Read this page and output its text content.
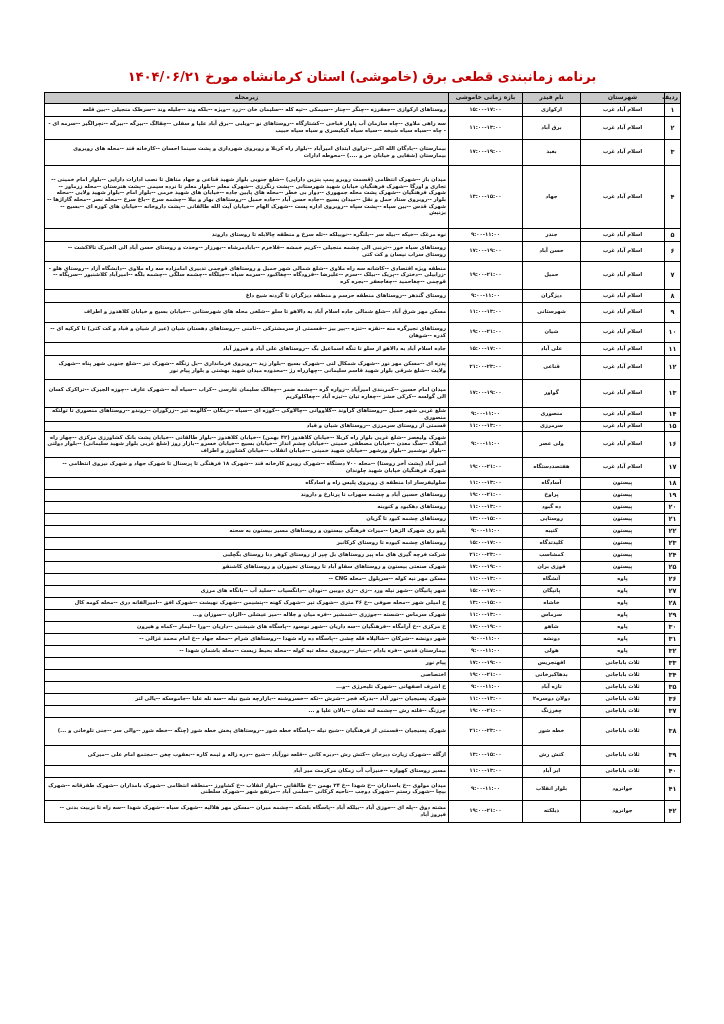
برنامه زمانبندی قطعی برق (خاموشی) استان کرمانشاه مورخ ۱۴۰۴/۰۶/۲۱
ردیف	شهرستان	نام فیدر	بازه زمانی خاموشی	زیرمحله
۱	اسلام آباد غرب	ارکوازی	۱۵:۰۰-۱۷:۰۰	روستاهای ارکوازی --جعفرزه --چنگر --چنار --سیمکی --تپه کله --سلیمان خان --زرد --ویژه --بلکه وند --جلیله وند --سرطک منجیلی --بین قلعه
۲	اسلام آباد غرب	برق آباد	۱۱:۰۰-۱۳:۰۰	سه راهی ملاوی --چاه سازمان آب پاوار قباخی --کشتارگاه --روستاهای نو --ویلبی --برق آباد علیا و سفلی --چقالگ --بیرگه --بیرگه --نچرالگیر --سرمه ای -- چاه --سیاه سیاه شیخه --سیاه سیاه کبکیسری و سیاه سیاه حبیب
۳	اسلام آباد غرب	بغبد	۱۷:۰۰-۱۹:۰۰	بیمارستان --بادگان الله اکبر --تراوی ابتدای امیرآباد --بلوار راه کربلا و روبروی شهرداری و پشت سینما احسان --کارخانه قند --محله های روبروی بیمارستان (شفایی و خیابان حر و ....) --محوطه ادارات
۴	اسلام آباد غرب	جهاد	۱۳:۰۰-۱۵:۰۰	میدان باز --شهرک انتظامی (قسمت روبرو پمپ بنزین داراپی) --شلغ جنوبی بلوار شهید قناعی و جهاد متاهل تا نصب ادارات دارایی --بلوار امام خمینی --تجاری و اورگا --شهرک فرهنگیان خیابان شهید شهرستانی --پشت رنگرزی --شهرک معلم --بلوار معلم تا نرده سیمی --پشت هنرستان --محله زرماور --شهرک فرهنگیان --شهرک پشت محله جمهوری --دوار بی خطر --محله های پایین جاده --خیابان های شهید خرمی --بلوار امام --بلوار شهید ولایی --محله بلوار --روبروی ستاد حمل و نقل --میدان بسیج --جاده حسن آباد --جاده حمیل --روستاهای بهار و بیلا --چشمه سرخ --باغ سرخ --محله نصر --محله گاراژها --شهرک قدس --بین سپاه --پشت سپاه --روبروی اداره پست --شهرک الهام --خیابان آیت الله طالقانی --پشت داروخانه --خیابان های کوره ای --بسیج --بزنیش
۵	اسلام آباد غرب	جندر	۹:۰۰-۱۱:۰۰	نوه مرغک --خیکه --بیله سر --بلنگره --نوبیلکه --تله سرخ و منطقه چالابله تا روستای داروند
۶	اسلام آباد غرب	حسن آباد	۱۷:۰۰-۱۹:۰۰	روستاهای سیاه خور --ترنبی الی چشمه منجیلی --کریم خمشه --قلاخرم --بابادمرشاه --بهرزار --وحدت و روستای حسن آباد الی الخبرک تالاکشت -- روستای سراب نیسان و کت کتی
۷	اسلام آباد غرب	حمیل	۱۹:۰۰-۲۱:۰۰	منطقه ویژه اقتصادی --کاشانه سه راه ملاوی --شلغ شمالی شهر حمیل و روستاهای قوجمی تدبیری امامزاده سه راه ملاوی --دانشگاه آزاد --روستای هلو --زرابیلی --دخترک --پریک --بیلک --سرم --علیرضا --فرودگاه --چغاکبود --سرمه سیاه --جیلگاه --چشمه سلگی --چشمه بلگه --امیرآباد کلاشنبور --سرپگاه --قوچمی --چغاحمید --چغاجعفر --بجره کره
۸	اسلام آباد غرب	دیزگران	۹:۰۰-۱۱:۰۰	روستای گندهر --روستاهای منطقه حرسم و منطقه دیزگران تا گردنه شیخ داغ
۹	اسلام آباد غرب	شهرستانی	۱۱:۰۰-۱۳:۰۰	مسکن مهر شرق آباد --شلغ شمالی جاده اسلام آباد به دالاهو تا سلو --شلغی محله های شهرستانی --خیابان بسیج و خیابان کلاهدوز و اطراف
۱۰	اسلام آباد غرب	شیان	۱۹:۰۰-۲۱:۰۰	روستاهای نجیرگره منه --نقزه --تنزه --بیر بیز --قسمتی از سرمشترکی --ثامنی --روستاهای دهستان شیان (عیر از شیان و قباد و کت کتی) تا کرکیه ای --کدره --شوهان
۱۱	اسلام آباد غرب	علی آباد	۱۵:۰۰-۱۷:۰۰	جاده اسلام آباد به دالاهو از سلو تا تنگه اسماعیل بگ --روستاهای علی آباد و فیروز آباد
۱۲	اسلام آباد غرب	قناعی	۲۱:۰۰-۲۳:۰۰	پدره ای --مسکن مهر نور --شهرک شمکال لنی --شهرک بسیج --بلوار زید --روبروی فرمانداری --بل زنگله --شهرک تیر --شلغ جنوبی شهر پناه --شهرک ولایت --شلغ شرقی بلوار شهید قاسم سلیمانی --چهارراه رژ --محدوده میدان شهید بهشتی و بلوار پیام نور
۱۳	اسلام آباد غرب	گواور	۱۷:۰۰-۱۹:۰۰	میدان امام حسین --کمربندی امیرآباد --زواره گره --چشمه ضمر --چغالک سلیمان غارسی --کراب --سیاه آبه --شهرک عارف --چوزه الجیرک --تراکرک کسان الی گولسه --کرکی خشز --چغاره تیان --تیزه آباد --چغاکلوکریم
۱۴	اسلام آباد غرب	منصوری	۹:۰۰-۱۱:۰۰	شلغ غربی شهر حمیل --روستاهای گراوند --گلاووانی --چالاوکی --کوزه ای --سیاه --زمکان --کالومه تیر --زرگوران --زوندو --روستاهای منصوری تا تولتکه منصوری
۱۵	اسلام آباد غرب	سرمرزی	۱۱:۰۰-۱۳:۰۰	قسمتی از روستای سرمرزی --روستاهای شیان و قباد
۱۶	اسلام آباد غرب	ولی عصر	۹:۰۰-۱۱:۰۰	شهرک ولیعصر --شلغ غربی بلوار راه کربلا --خیابان کلاهدوز (۴۲ بهمن) --خیابان کلاهدوز --بلوار طالقانی --خیابان پشت بانک کشاورزی مرکزی --چهار راه امیلاک --سگ معدن --خیابان مصطفی خمینی --خیابان چشم انداز --خیابان بسیج --خیابان خسرو --بازار روز (شلغ غربی بلوار شهید سلیمانی) --بلوار دولتی --بلوار نوشمیر --بلوار ورشهر --خیابان شهید خمینی --خیابان انقلاب --خیابان کشاورز و اطراف
۱۷	اسلام آباد غرب	هفتصددستگاه	۱۹:۰۰-۲۱:۰۰	امیر آباد (پشت آخر روستا) --محله ۷۰۰ دستگاه --شهرک روبرو کارخانه قند --شهرک ۱۸ فرهنگی تا پرسنال تا شهرک جهاد و شهرک نیروی انتظامی --شهرک فرهنگیان خیابان شهید چلوندان
۱۸	پیستون	آسادگاه	۱۱:۰۰-۱۳:۰۰	سلولیفرسار ادا منطقه ی روبروی پلیس راه و اسادگاه
۱۹	پیستون	پراوخ	۱۹:۰۰-۲۱:۰۰	روستاهای حسین آباد و چشمه سهراب تا پرنارخ و داروند
۲۰	پیستون	ده گبود	۱۱:۰۰-۱۳:۰۰	روستاهای دهکبود و کنوبنه
۲۱	پیستون	روستایی	۱۳:۰۰-۱۵:۰۰	روستاهای چشمه کبود تا گریان
۲۲	پیستون	کتیبه	۹:۰۰-۱۱:۰۰	پلیو ری شهرک الزهرا --میراث فرهنگی بیستون و روستاهای مسیر بیستون به سحنه
۲۳	پیستون	کلیدتدگاه	۱۵:۰۰-۱۷:۰۰	روستاهای چشمه کیوده تا روستای کرکانبر
۲۴	پیستون	کمشاسب	۲۱:۰۰-۲۳:۰۰	شرکت فرچه گیری های ماه پیر روستاهای بل چپر از روستای کوهر دنا روستای بگچلبی
۲۵	پیستون	قوزی بران	۱۷:۰۰-۱۹:۰۰	شهرک صنعتی بیستون و روستاهای سقاو آباد تا روستای تخیوران و روستاهای کاشنقو
۲۶	پاوه	آتشگاه	۱۱:۰۰-۱۳:۰۰	مسکن مهر نیه کوله --سرپلول --محله CNG --
۲۷	پاوه	پانیگان	۱۵:۰۰-۱۷:۰۰	شهر پانیگان --شهر نیله ورد --زی --زی دوبین --نودان --دانگسیاب --سلید آب --بانگاه های مرزی
۲۸	پاوه	خاشاه	۱۳:۰۰-۱۵:۰۰	خ امیلی شهر --محله صوفی --خ ۴۶ متری --شهرک تیر --شهرک کهنه --پنشیمن --شهرک نهیشت --شهرک افق --امیرالفانه دری --محله کومه کال
۲۹	پاوه	سرماس	۱۱:۰۰-۱۳:۰۰	شهرک سرماس --شسته --جوزری --شمشیر --فره میان و جلاله --میر عیشلی --الزان --سوزان و...
۳۰	پاوه	شاهو	۱۷:۰۰-۱۹:۰۰	خ مرکزی --خ آرامگاه --فرهنگیان --سه داریان --شهر نوسود --پاسگاه های شیشنی --داریان --ورا --لیمار --کماه و هیرون
۳۱	پاوه	دونشه	۹:۰۰-۱۱:۰۰	شهر دونشه --شرکان --شالیلاه قله چشی --پاسگاه ده راه شهدا --روستاهای شرام --محله جهاد --خ امام محمد غزالی --
۳۲	پاوه	هولی	۹:۰۰-۱۱:۰۰	بیمارستان قدس --فره بادام --بتیار --روبروی محله تیه کوله --محله بحیط زیست --محله باشمان شهدا --
۳۳	ثلاث باباجانی	افهنجریس	۱۷:۰۰-۱۹:۰۰	پیام نور
۳۴	ثلاث باباجانی	بدهاکبرخانی	۱۹:۰۰-۲۱:۰۰	اختصاصی
۳۵	ثلاث باباجانی	تازه آباد	۹:۰۰-۱۱:۰۰	خ اشرف اصفهانی --شهرک تلیحرژی --و...
۳۶	ثلاث باباجانی	دولان دوسره۲	۱۱:۰۰-۱۳:۰۰	شهرک پسیجیان --نور آباد --بدرکه فجر --شرش --تکه --خسروشنه --بازارچه شیخ نیله --سه تله علیا --جاموسکه --یالی لتر
۳۷	ثلاث باباجانی	چغرزنگ	۱۹:۰۰-۲۱:۰۰	چرزنگ --قلته رش --چشمه لنه نشان --بالان علیا و ...
۳۸	ثلاث باباجانی	خطه شور	۲۱:۰۰-۲۳:۰۰	شهرک پسیجیان --قسمتی از فرهنگیان --شیخ نیله --پاسگاه خطه شور --روستاهای پخش خطه شور (چنگه --خطه شور --والی سر --جنی تلوخانی و ...)
۳۹	ثلاث باباجانی	کتش رش	۱۳:۰۰-۱۵:۰۰	ازگله --شهرک زیارت دبرخان --کتش رش --دبره کانی --قلعه نورآباد --شیخ --دره زاله و ئیمه کاره --بعقوب چغن --مجتمع امام علی --میرکی
۴۰	ثلاث باباجانی	ابر آباد	۱۱:۰۰-۱۳:۰۰	مسیر روستای کهواره --خنیزآب آب زمکان مرکزمث میر آباد
۴۱	جوانرود	بلوار انقلاب	۹:۰۰-۱۱:۰۰	میدان مولوی --خ یاسداران --خ شهدا --خ ۲۴ بهمن --خ طالقانی --بلوار انقلاب --خ کشاورز --منطقه انتظامی --شهرک بامداران --شهرک طفرقانه --شهرک بیچا --شهرک رستم --شهرک دوجب --ناحیه کرکانی --سلمی آباد --مرتفع شهر --شهرک سلطنی
۴۲	جوانرود	ذبلکته	۱۹:۰۰-۲۱:۰۰	مشته دوق --پله ای --حوزی آباد --بیلکه آباد --پاسگاه بلشکه --چشمه میران --مسکن مهر هلالیه --شهرک سیاه --شهرک شهدا --سه راه تا نربیت بدنی --فیروز آباد
